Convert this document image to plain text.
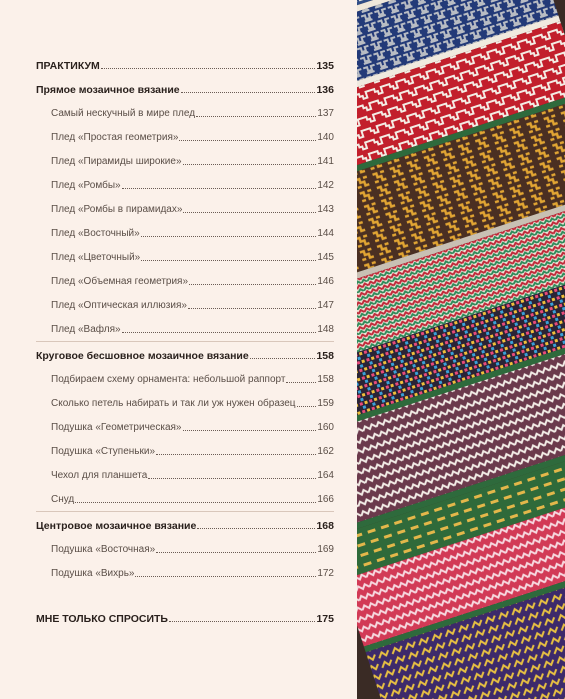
ПРАКТИКУМ	135
Прямое мозаичное вязание	136
Самый нескучный в мире плед	137
Плед «Простая геометрия»	140
Плед «Пирамиды широкие»	141
Плед «Ромбы»	142
Плед «Ромбы в пирамидах»	143
Плед «Восточный»	144
Плед «Цветочный»	145
Плед «Объемная геометрия»	146
Плед «Оптическая иллюзия»	147
Плед «Вафля»	148
Круговое бесшовное мозаичное вязание	158
Подбираем схему орнамента: небольшой раппорт	158
Сколько петель набирать и так ли уж нужен образец 159
Подушка «Геометрическая»	160
Подушка «Ступеньки»	162
Чехол для планшета	164
Снуд	166
Центровое мозаичное вязание	168
Подушка «Восточная»	169
Подушка «Вихрь»	172
МНЕ ТОЛЬКО СПРОСИТЬ	175
